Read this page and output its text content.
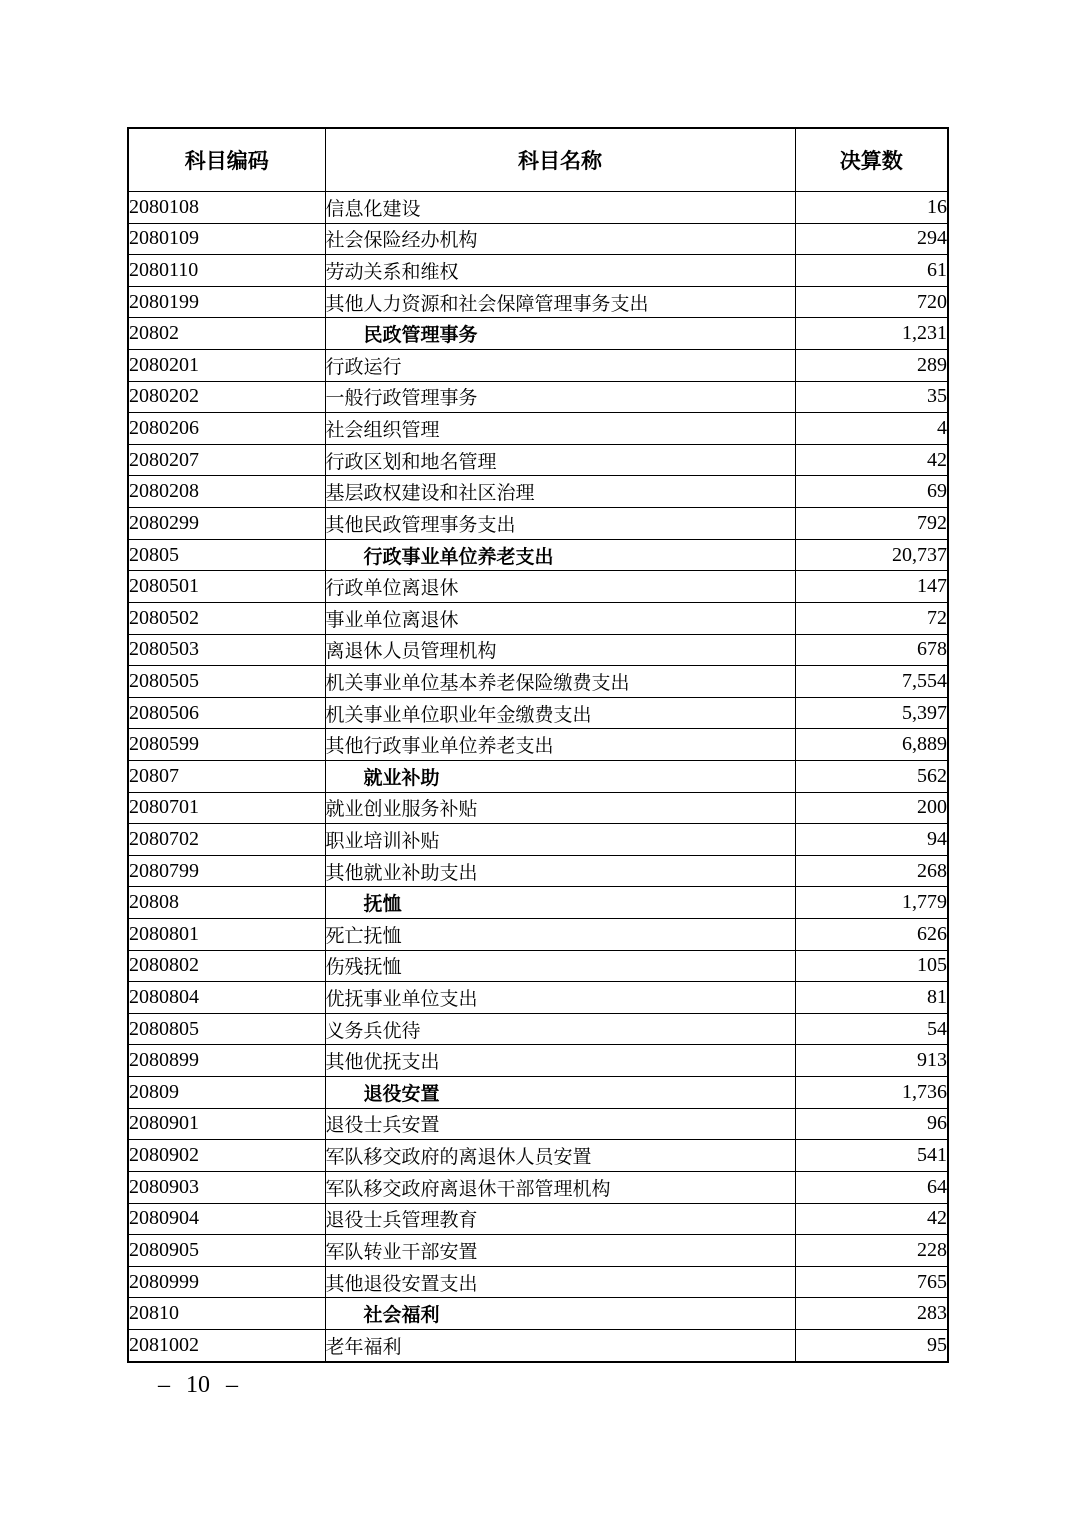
科目编码	科目名称	决算数
2080108	信息化建设	16
2080109	社会保险经办机构	294
2080110	劳动关系和维权	61
2080199	其他人力资源和社会保障管理事务支出	720
20802	民政管理事务	1,231
2080201	行政运行	289
2080202	一般行政管理事务	35
2080206	社会组织管理	4
2080207	行政区划和地名管理	42
2080208	基层政权建设和社区治理	69
2080299	其他民政管理事务支出	792
20805	行政事业单位养老支出	20,737
2080501	行政单位离退休	147
2080502	事业单位离退休	72
2080503	离退休人员管理机构	678
2080505	机关事业单位基本养老保险缴费支出	7,554
2080506	机关事业单位职业年金缴费支出	5,397
2080599	其他行政事业单位养老支出	6,889
20807	就业补助	562
2080701	就业创业服务补贴	200
2080702	职业培训补贴	94
2080799	其他就业补助支出	268
20808	抚恤	1,779
2080801	死亡抚恤	626
2080802	伤残抚恤	105
2080804	优抚事业单位支出	81
2080805	义务兵优待	54
2080899	其他优抚支出	913
20809	退役安置	1,736
2080901	退役士兵安置	96
2080902	军队移交政府的离退休人员安置	541
2080903	军队移交政府离退休干部管理机构	64
2080904	退役士兵管理教育	42
2080905	军队转业干部安置	228
2080999	其他退役安置支出	765
20810	社会福利	283
2081002	老年福利	95
– 10 –
